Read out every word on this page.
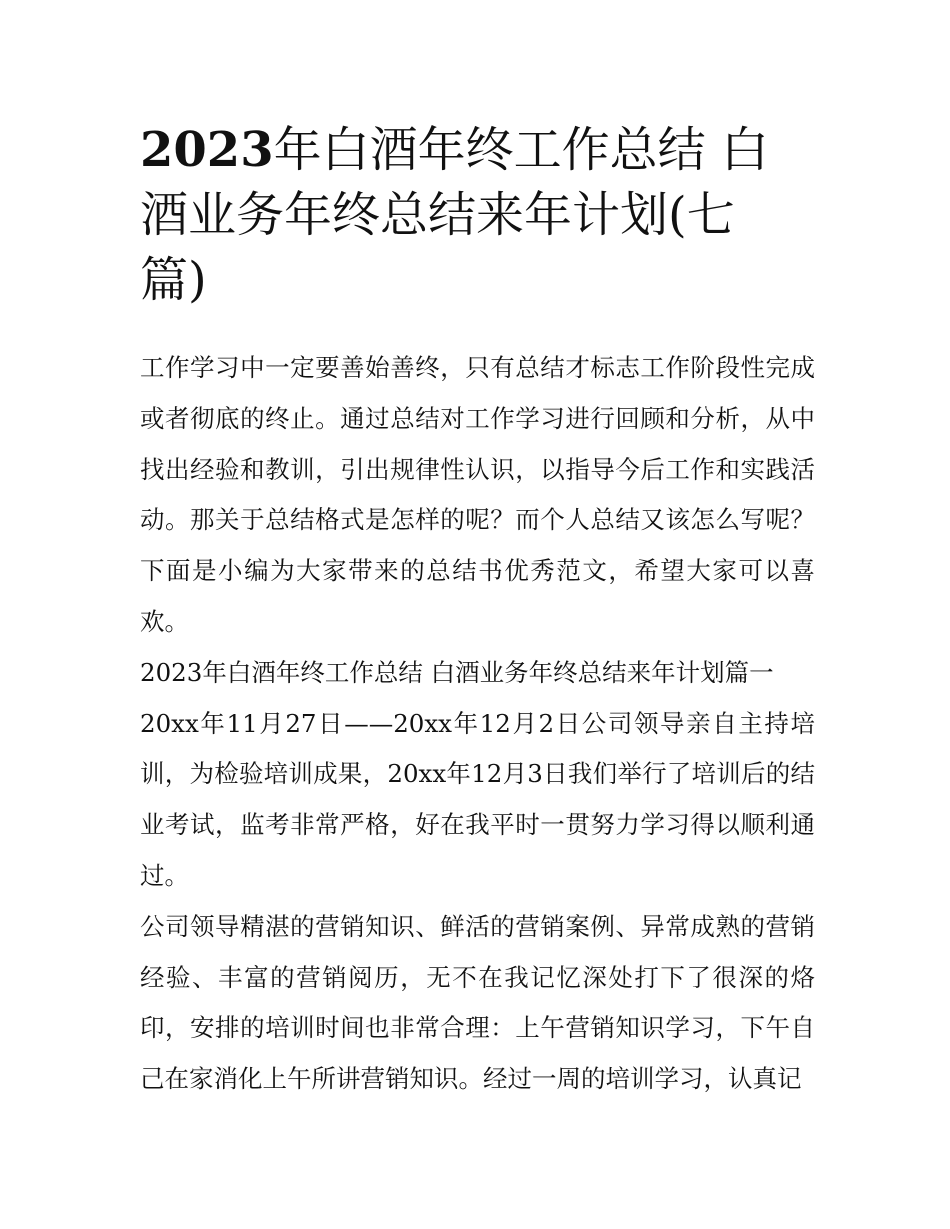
2023年白酒年终工作总结 白酒业务年终总结来年计划(七篇)

工作学习中一定要善始善终，只有总结才标志工作阶段性完成或者彻底的终止。通过总结对工作学习进行回顾和分析，从中找出经验和教训，引出规律性认识，以指导今后工作和实践活动。那关于总结格式是怎样的呢？而个人总结又该怎么写呢？下面是小编为大家带来的总结书优秀范文，希望大家可以喜欢。

2023年白酒年终工作总结 白酒业务年终总结来年计划篇一

20xx年11月27日——20xx年12月2日公司领导亲自主持培训，为检验培训成果，20xx年12月3日我们举行了培训后的结业考试，监考非常严格，好在我平时一贯努力学习得以顺利通过。

公司领导精湛的营销知识、鲜活的营销案例、异常成熟的营销经验、丰富的营销阅历，无不在我记忆深处打下了很深的烙印，安排的培训时间也非常合理：上午营销知识学习，下午自己在家消化上午所讲营销知识。经过一周的培训学习，认真记
